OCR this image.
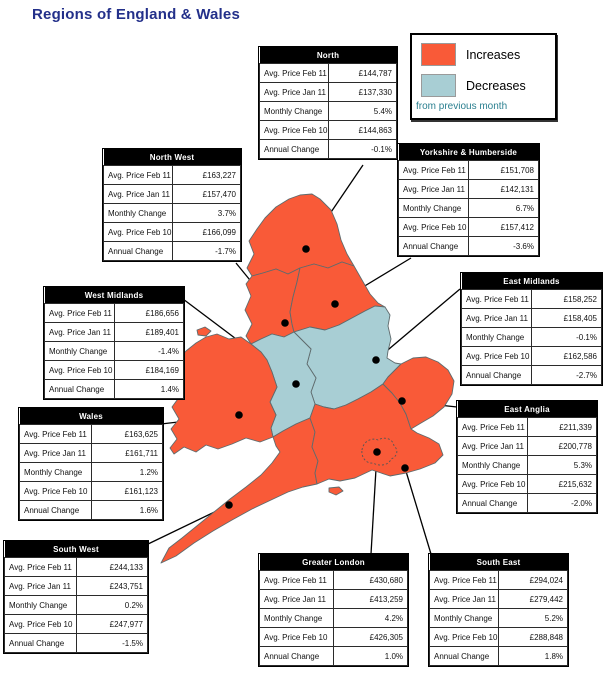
Regions of England & Wales
North	
Avg. Price Feb 11	£144,787
Avg. Price Jan 11	£137,330
Monthly Change	5.4%
Avg. Price Feb 10	£144,863
Annual Change	-0.1%
North West	
Avg. Price Feb 11	£163,227
Avg. Price Jan 11	£157,470
Monthly Change	3.7%
Avg. Price Feb 10	£166,099
Annual Change	-1.7%
Yorkshire & Humberside	
Avg. Price Feb 11	£151,708
Avg. Price Jan 11	£142,131
Monthly Change	6.7%
Avg. Price Feb 10	£157,412
Annual Change	-3.6%
West Midlands	
Avg. Price Feb 11	£186,656
Avg. Price Jan 11	£189,401
Monthly Change	-1.4%
Avg. Price Feb 10	£184,169
Annual Change	1.4%
East Midlands	
Avg. Price Feb 11	£158,252
Avg. Price Jan 11	£158,405
Monthly Change	-0.1%
Avg. Price Feb 10	£162,586
Annual Change	-2.7%
Wales	
Avg. Price Feb 11	£163,625
Avg. Price Jan 11	£161,711
Monthly Change	1.2%
Avg. Price Feb 10	£161,123
Annual Change	1.6%
East Anglia	
Avg. Price Feb 11	£211,339
Avg. Price Jan 11	£200,778
Monthly Change	5.3%
Avg. Price Feb 10	£215,632
Annual Change	-2.0%
South West	
Avg. Price Feb 11	£244,133
Avg. Price Jan 11	£243,751
Monthly Change	0.2%
Avg. Price Feb 10	£247,977
Annual Change	-1.5%
Greater London	
Avg. Price Feb 11	£430,680
Avg. Price Jan 11	£413,259
Monthly Change	4.2%
Avg. Price Feb 10	£426,305
Annual Change	1.0%
South East	
Avg. Price Feb 11	£294,024
Avg. Price Jan 11	£279,442
Monthly Change	5.2%
Avg. Price Feb 10	£288,848
Annual Change	1.8%
Increases
Decreases
from previous month
